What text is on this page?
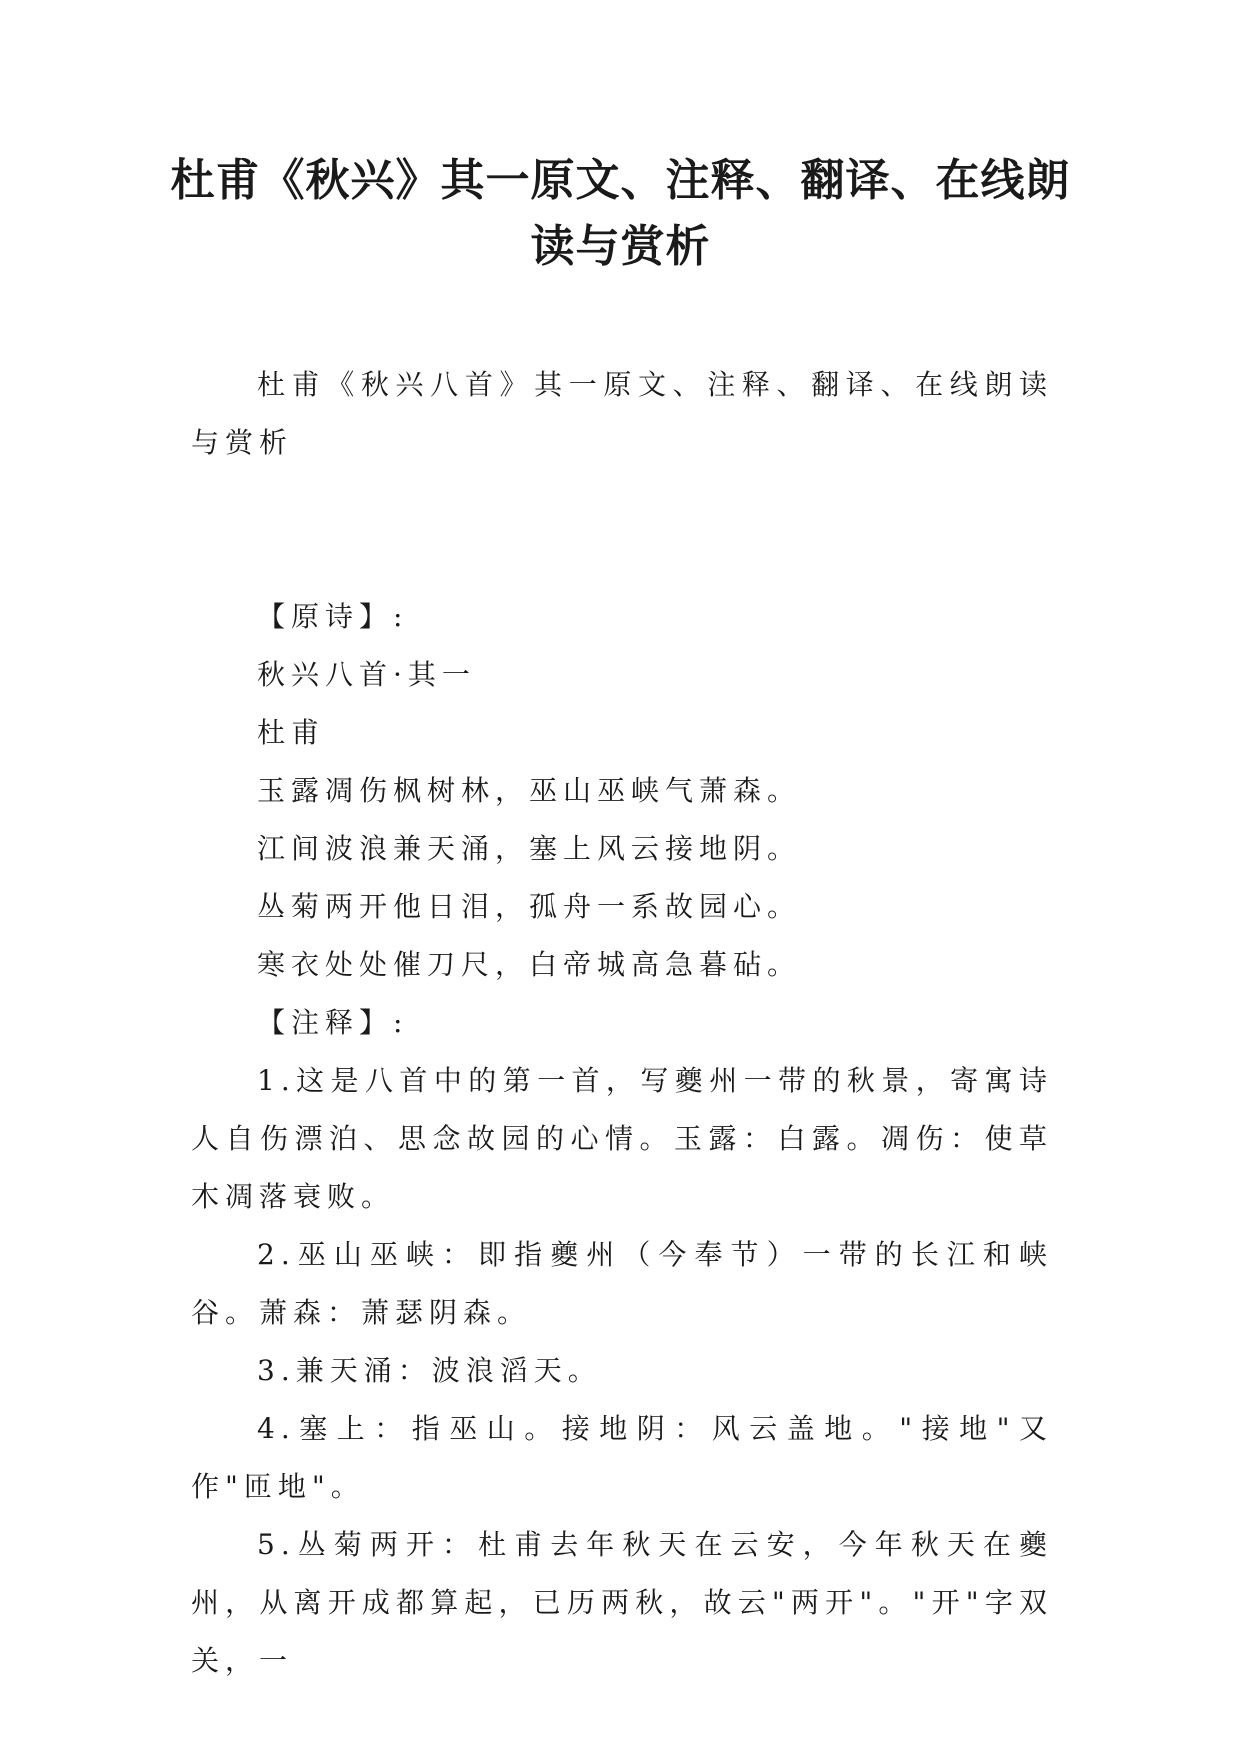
杜甫《秋兴》其一原文、注释、翻译、在线朗读与赏析

杜甫《秋兴八首》其一原文、注释、翻译、在线朗读与赏析

【原诗】:

秋兴八首·其一

杜甫

玉露凋伤枫树林，巫山巫峡气萧森。

江间波浪兼天涌，塞上风云接地阴。

丛菊两开他日泪，孤舟一系故园心。

寒衣处处催刀尺，白帝城高急暮砧。

【注释】:

1.这是八首中的第一首，写夔州一带的秋景，寄寓诗人自伤漂泊、思念故园的心情。玉露：白露。凋伤：使草木凋落衰败。

2.巫山巫峡：即指夔州（今奉节）一带的长江和峡谷。萧森：萧瑟阴森。

3.兼天涌：波浪滔天。

4.塞上：指巫山。接地阴：风云盖地。"接地"又作"匝地"。

5.丛菊两开：杜甫去年秋天在云安，今年秋天在夔州，从离开成都算起，已历两秋，故云"两开"。"开"字双关，一
